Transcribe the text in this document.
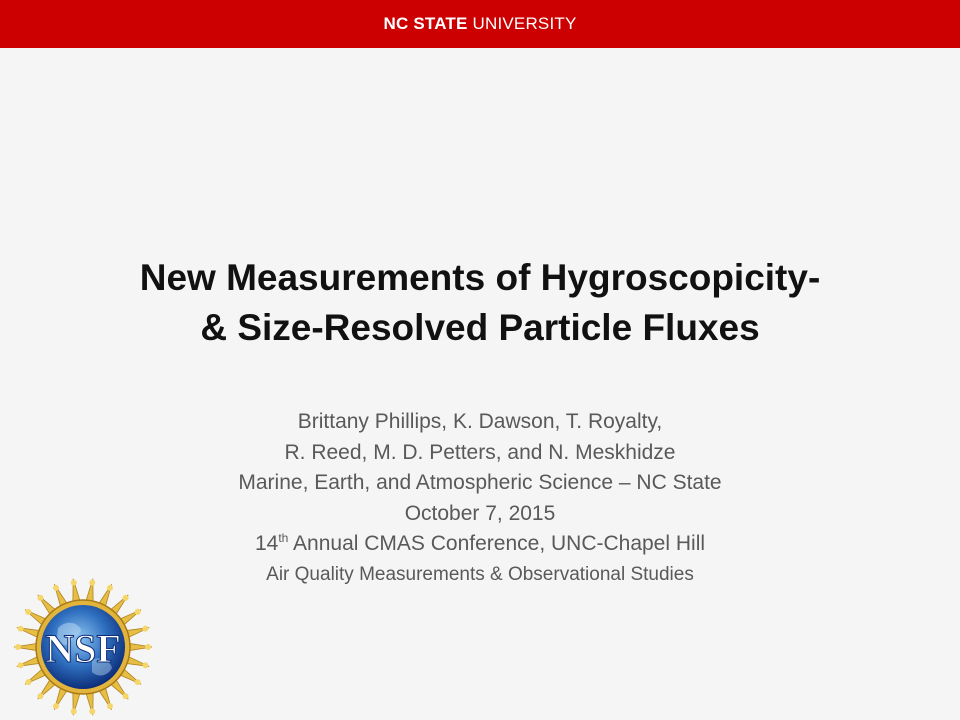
NC STATE UNIVERSITY
New Measurements of Hygroscopicity-
& Size-Resolved Particle Fluxes
Brittany Phillips, K. Dawson, T. Royalty,
R. Reed, M. D. Petters, and N. Meskhidze
Marine, Earth, and Atmospheric Science – NC State
October 7, 2015
14th Annual CMAS Conference, UNC-Chapel Hill
Air Quality Measurements & Observational Studies
NSF
